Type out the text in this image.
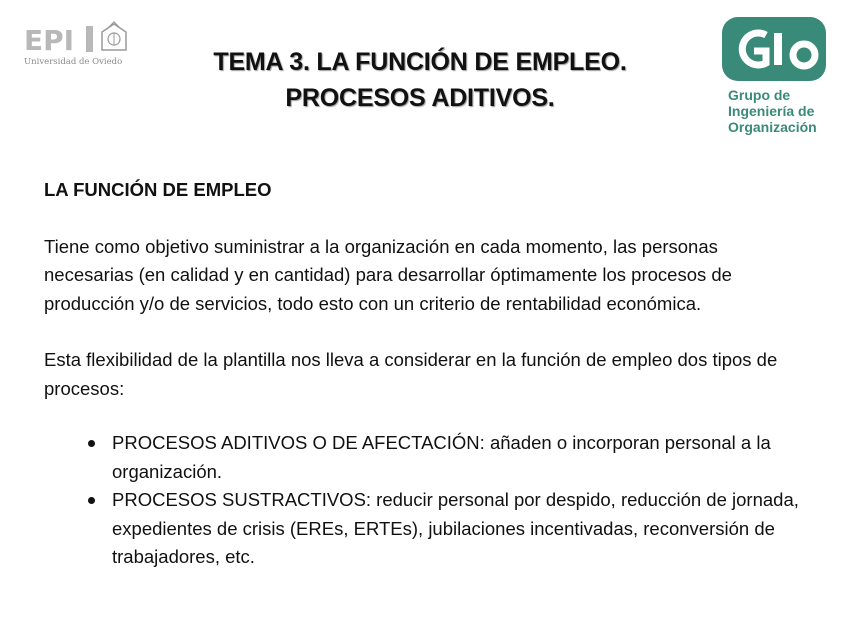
EPI
Universidad de Oviedo	TEMA 3. LA FUNCIÓN DE EMPLEO.
PROCESOS ADITIVOS.	Grupo de
Ingeniería de
Organización
LA FUNCIÓN DE EMPLEO

Tiene como objetivo suministrar a la organización en cada momento, las personas necesarias (en calidad y en cantidad) para desarrollar óptimamente los procesos de producción y/o de servicios, todo esto con un criterio de rentabilidad económica.

Esta flexibilidad de la plantilla nos lleva a considerar en la función de empleo dos tipos de procesos:

PROCESOS ADITIVOS O DE AFECTACIÓN: añaden o incorporan personal a la organización.
PROCESOS SUSTRACTIVOS: reducir personal por despido, reducción de jornada, expedientes de crisis (EREs, ERTEs), jubilaciones incentivadas, reconversión de trabajadores, etc.
